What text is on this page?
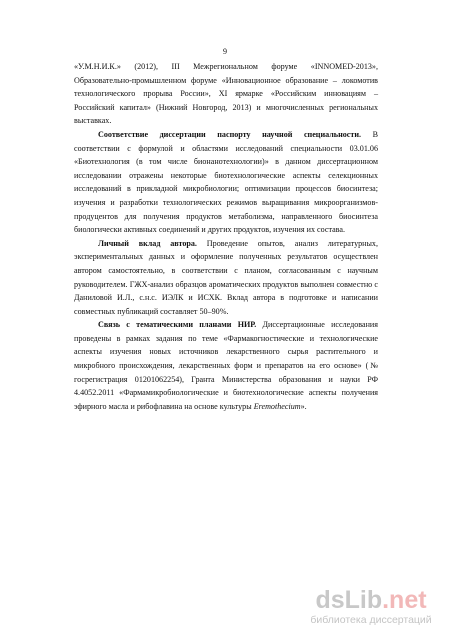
9

«У.М.Н.И.К.» (2012), III Межрегиональном форуме «INNOMED-2013», Образовательно-промышленном форуме «Инновационное образование – локомотив технологического прорыва России», XI ярмарке «Российским инновациям – Российский капитал» (Нижний Новгород, 2013) и многочисленных региональных выставках.

Соответствие диссертации паспорту научной специальности. В соответствии с формулой и областями исследований специальности 03.01.06 «Биотехнология (в том числе бионанотехнологии)» в данном диссертационном исследовании отражены некоторые биотехнологические аспекты селекционных исследований в прикладной микробиологии; оптимизации процессов биосинтеза; изучения и разработки технологических режимов выращивания микроорганизмов-продуцентов для получения продуктов метаболизма, направленного биосинтеза биологически активных соединений и других продуктов, изучения их состава.

Личный вклад автора. Проведение опытов, анализ литературных, экспериментальных данных и оформление полученных результатов осуществлен автором самостоятельно, в соответствии с планом, согласованным с научным руководителем. ГЖХ-анализ образцов ароматических продуктов выполнен совместно с Даниловой И.Л., с.н.с. ИЭЛК и ИСХК. Вклад автора в подготовке и написании совместных публикаций составляет 50–90%.

Связь с тематическими планами НИР. Диссертационные исследования проведены в рамках задания по теме «Фармакогностические и технологические аспекты изучения новых источников лекарственного сырья растительного и микробного происхождения, лекарственных форм и препаратов на его основе» (№ госрегистрация 01201062254), Гранта Министерства образования и науки РФ 4.4052.2011 «Фармамикробиологические и биотехнологические аспекты получения эфирного масла и рибофлавина на основе культуры Eremothecium».

dsLib.net
библиотека диссертаций
